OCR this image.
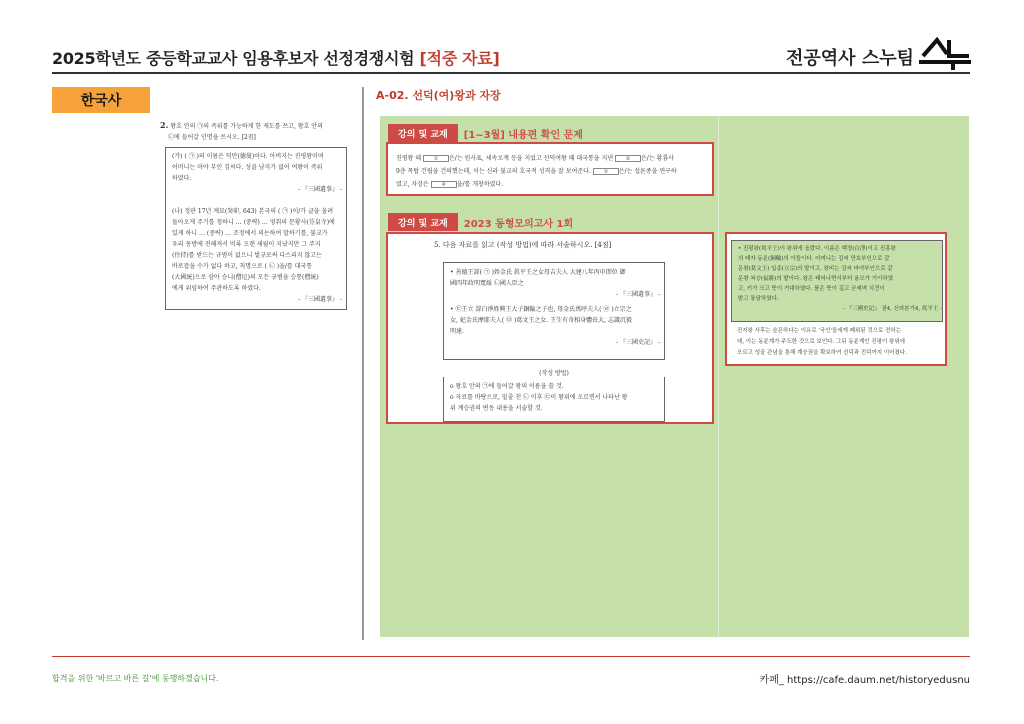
2025학년도 중등학교교사 임용후보자 선정경쟁시험 [적중 자료]	전공역사 스누팀
한국사	A-02. 선덕(여)왕과 자장
2. 왕호 안의 ㉠의 즉위를 가능하게 한 제도를 쓰고, 왕호 안의
㉡에 들어갈 인명을 쓰시오. [2점]
(가) ( ㉠ )의 이름은 덕만(德曼)이다. 아버지는 진평왕이며
어머니는 마야 부인 김씨다. 성골 남자가 없어 여왕이 즉위
하였다.
- 『三國遺事』 -
(나) 정관 17년 계묘(癸卯, 643) 본국의 ( ㉠ )이/가 글을 올려
돌아오게 주기를 청하니 … (중략) … 영취의 문황사(芬皇寺)에
있게 하니 … (중략) … 조정에서 의논하여 말하기를, 불교가
우리 동방에 전해져서 비록 오랜 세월이 지났지만 그 주지
(住持)를 받드는 규범이 없으니 벌규로써 다스리지 않고는
바로잡을 수가 없다 하고, 칙명으로 ( ㉡ )을/를 대국통
(大國統)으로 삼아 승니(僧尼)의 모든 규범을 승통(僧統)
에게 위임하여 주관하도록 하였다.
- 『三國遺事』 -
강의 및 교재	[1~3월] 내용편 확인 문제
진평왕 때 ① 은/는 원사표, 세속오계 등을 지었고 선덕여왕 때 대국통을 지낸 ② 은/는 황룡사
9층 목탑 건립을 건의했는데, 이는 신라 불교의 호국적 성격을 잘 보여준다. ③ 은/는 섭론종을 연구하
였고, 자장은 ④ 을/를 개창하였다.
강의 및 교재	2023 동형모의고사 1회
5. 다음 자료를 읽고 (작성 방법)에 따라 서술하시오. [4점]
• 善德王諱( ㉠ )姓金氏 眞平王之女母吉夫人 大建八年丙申即位 御
國四年政明寬綏 ㉡國人臣之
- 『三國遺事』 -
• ㉢王立 諱白淨姓興王大子銅輪之子也, 母金氏萬呼夫人( ㉣ )立宗之
女, 妃金氏摩耶夫人( ㉤ )葛文王之女. 王生有奇相身體長大, 志識沉毅
明達.
- 『三國史記』 -
(작성 방법)
o 왕호 안의 ㉠에 들어갈 왕의 이름을 쓸 것.
o 자료를 바탕으로, 밑줄 친 ㉡ 이후 ㉢이 왕위에 오르면서 나타난 왕
위 계승권의 변동 내용을 서술할 것.
• 진평왕(眞平王)이 왕위에 올랐다. 이름은 백정(白淨)이고 진흥왕
의 태자 동륜(銅輪)의 아들이다. 어머니는 김씨 만호부인으로 갈
문왕(葛文王) 입종(立宗)의 딸이고, 왕비는 김씨 마야부인으로 갈
문왕 복승(福勝)의 딸이다. 왕은 태어나면서부터 용모가 기이하였
고, 키가 크고 뜻이 거대하였다. 품은 뜻이 깊고 굳세며 식견이
밝고 통달하였다.
- 『三國史記』 권4, 신라본기4, 眞平王 -
진지왕 사후는 슬픈하다는 이유로 '국인'들에게 폐위된 것으로 전하는
데, 이는 동륜계가 주도한 것으로 보인다. 그뒤 동륜계인 진평이 왕위에
오르고 성골 관념을 통해 계승권을 확보하여 선덕과 진덕까지 이어졌다.
합격을 위한 '바르고 바른 길'에 동행하겠습니다.	카페_ https://cafe.daum.net/historyedusnu
